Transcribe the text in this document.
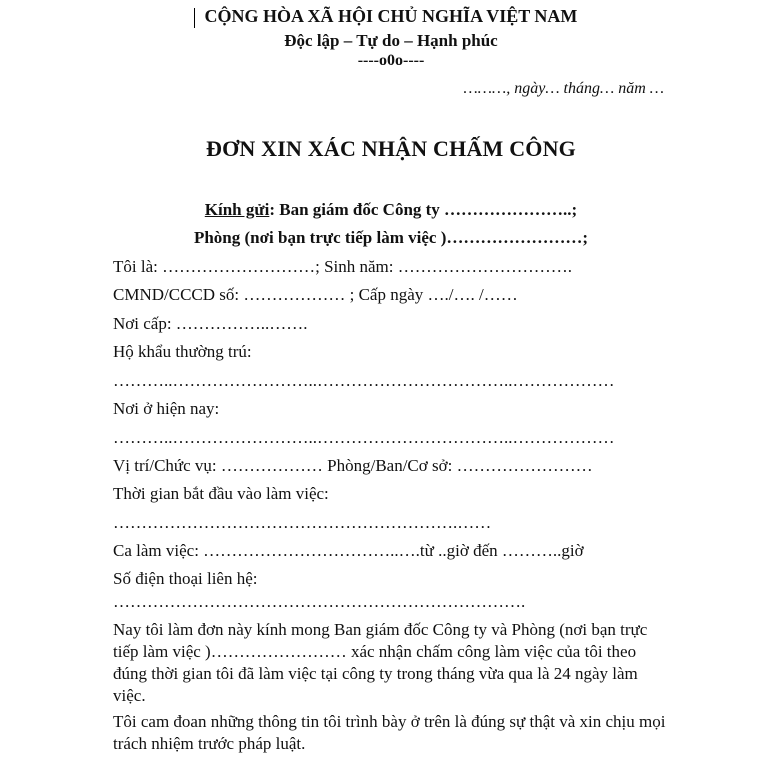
CỘNG HÒA XÃ HỘI CHỦ NGHĨA VIỆT NAM
Độc lập – Tự do – Hạnh phúc
----o0o----
………, ngày… tháng… năm …
ĐƠN XIN XÁC NHẬN CHẤM CÔNG
Kính gửi: Ban giám đốc Công ty …………………..;
Phòng (nơi bạn trực tiếp làm việc )……………………;
Tôi là: ………………………; Sinh năm: ………………………….
CMND/CCCD số: ……………… ; Cấp ngày …./…. /……
Nơi cấp: ……………..…….
Hộ khẩu thường trú:
………..……………………..……………………………..………………
Nơi ở hiện nay:
………..……………………..……………………………..………………
Vị trí/Chức vụ: ……………… Phòng/Ban/Cơ sở: ……………………
Thời gian bắt đầu vào làm việc:
…………………………………………………….……
Ca làm việc: ……………………………..….từ ..giờ đến ………..giờ
Số điện thoại liên hệ:
……………………………………………………………….
Nay tôi làm đơn này kính mong Ban giám đốc Công ty và Phòng (nơi bạn trực tiếp làm việc )…………………… xác nhận chấm công làm việc của tôi theo đúng thời gian tôi đã làm việc tại công ty trong tháng vừa qua là 24 ngày làm việc.
Tôi cam đoan những thông tin tôi trình bày ở trên là đúng sự thật và xin chịu mọi trách nhiệm trước pháp luật.
